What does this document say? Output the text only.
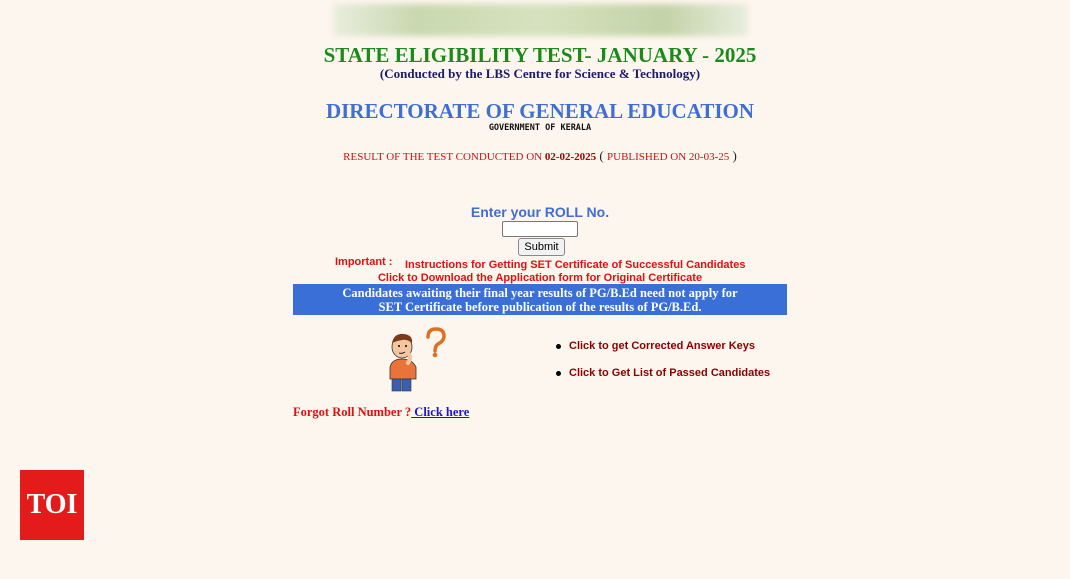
STATE ELIGIBILITY TEST- JANUARY - 2025
(Conducted by the LBS Centre for Science & Technology)
DIRECTORATE OF GENERAL EDUCATION
GOVERNMENT OF KERALA
RESULT OF THE TEST CONDUCTED ON 02-02-2025 ( PUBLISHED ON 20-03-25 )
Enter your ROLL No.
Submit
Important : Instructions for Getting SET Certificate of Successful Candidates
Click to Download the Application form for Original Certificate
Candidates awaiting their final year results of PG/B.Ed need not apply for
SET Certificate before publication of the results of PG/B.Ed.
Click to get Corrected Answer Keys
Click to Get List of Passed Candidates
Forgot Roll Number ? Click here
TOI
